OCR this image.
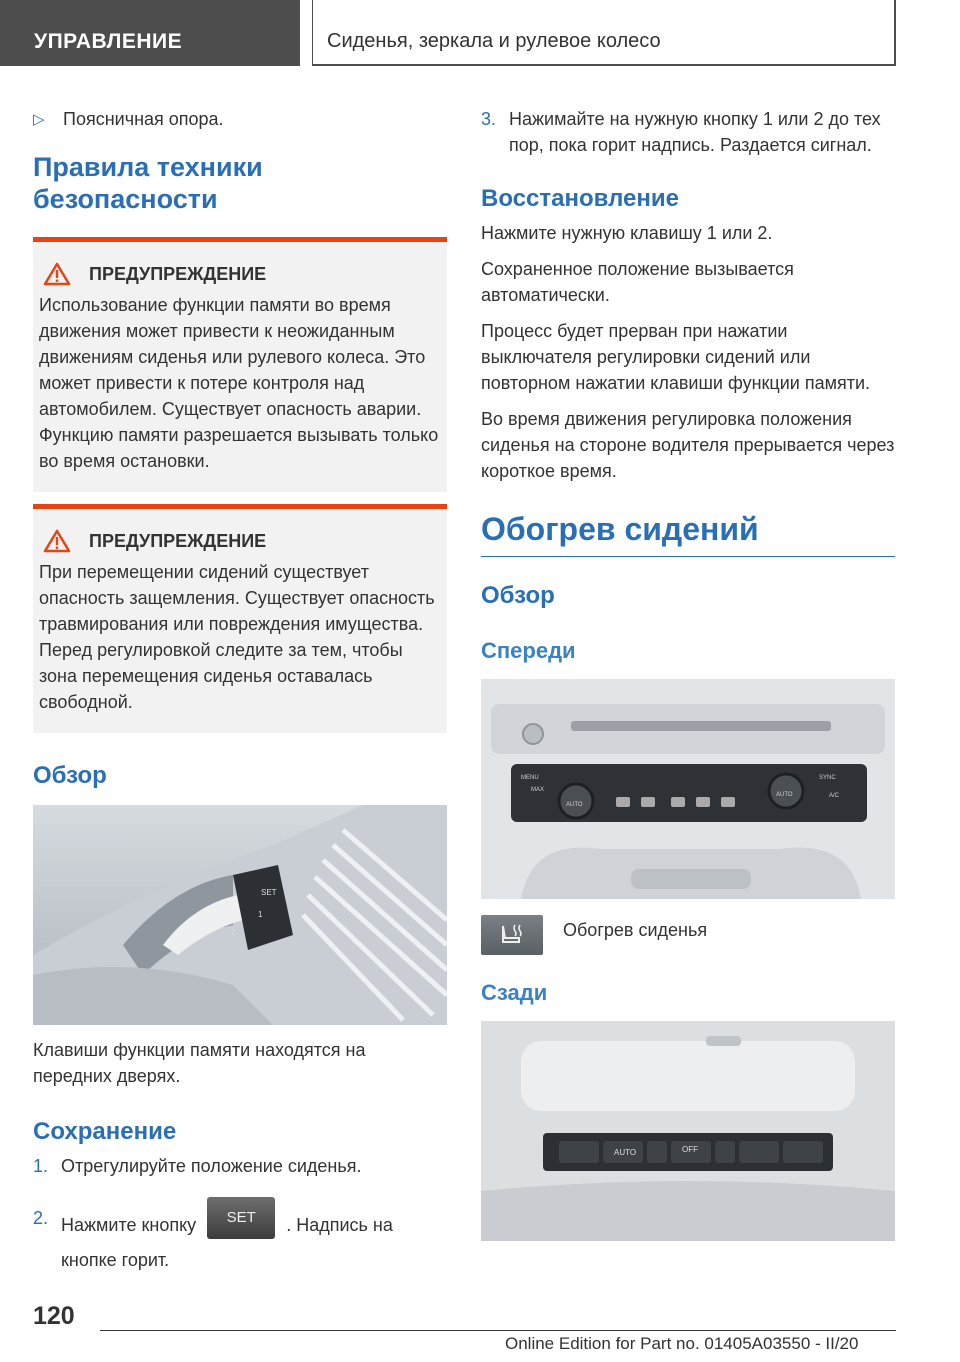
УПРАВЛЕНИЕ	Сиденья, зеркала и рулевое колесо
▷	Поясничная опора.
Правила техники безопасности
ПРЕДУПРЕЖДЕНИЕ

Использование функции памяти во время движения может привести к неожиданным движениям сиденья или рулевого колеса. Это может привести к потере контроля над автомобилем. Существует опасность аварии. Функцию памяти разрешается вызывать только во время остановки.

ПРЕДУПРЕЖДЕНИЕ

При перемещении сидений существует опасность защемления. Существует опасность травмирования или повреждения имущества. Перед регулировкой следите за тем, чтобы зона перемещения сиденья оставалась свободной.

Обзор
SET
1
2

Клавиши функции памяти находятся на передних дверях.

Сохранение
1. Отрегулируйте положение сиденья.
2. Нажмите кнопку SET . Надпись на кнопке горит.
3. Нажимайте на нужную кнопку 1 или 2 до тех пор, пока горит надпись. Раздается сигнал.
Восстановление

Нажмите нужную клавишу 1 или 2.

Сохраненное положение вызывается автоматически.

Процесс будет прерван при нажатии выключателя регулировки сидений или повторном нажатии клавиши функции памяти.

Во время движения регулировка положения сиденья на стороне водителя прерывается через короткое время.

Обогрев сидений
Обзор
Спереди
MENU
MAX
AUTO
AUTO
SYNC
A/C
Обогрев сиденья
Сзади
AUTO	OFF
120
Online Edition for Part no. 01405A03550 - II/20
